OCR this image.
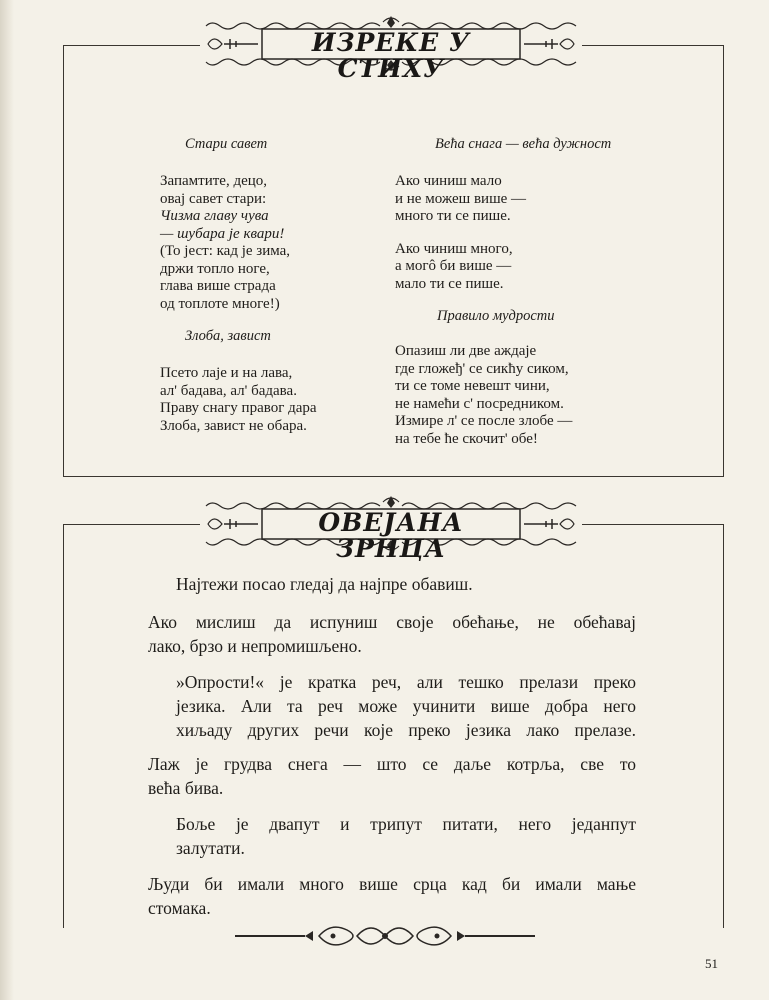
ИЗРЕКЕ У СТИХУ

Стари савет

Запамтите, децо,

овај савет стари:

Чизма главу чува

— шубара је квари!

(То јест: кад је зима,

држи топло ноге,

глава више страда

од топлоте многе!)

Злоба, завист

Псето лаје и на лава,

ал' бадава, ал' бадава.

Праву снагу правог дара

Злоба, завист не обара.

Већа снага — већа дужност

Ако чиниш мало

и не можеш више —

много ти се пише.

Ако чиниш много,

а могô би више —

мало ти се пише.

Правило мудрости

Опазиш ли две аждаје

где гложеђ' се сикћу сиком,

ти се томе невешт чини,

не намећи с' посредником.

Измире л' се после злобе —

на тебе ће скочит' обе!

ОВЕЈАНА ЗРНЦА

Најтежи посао гледај да најпре обавиш.

Ако мислиш да испуниш своје обећање, не обећавај
лако, брзо и непромишљено.

»Опрости!« је кратка реч, али тешко прелази преко
језика. Али та реч може учинити више добра него
хиљаду других речи које преко језика лако прелазе.

Лаж је грудва снега — што се даље котрља, све то
већа бива.

Боље је двапут и трипут питати, него једанпут
залутати.

Људи би имали много више срца кад би имали мање
стомака.

51
